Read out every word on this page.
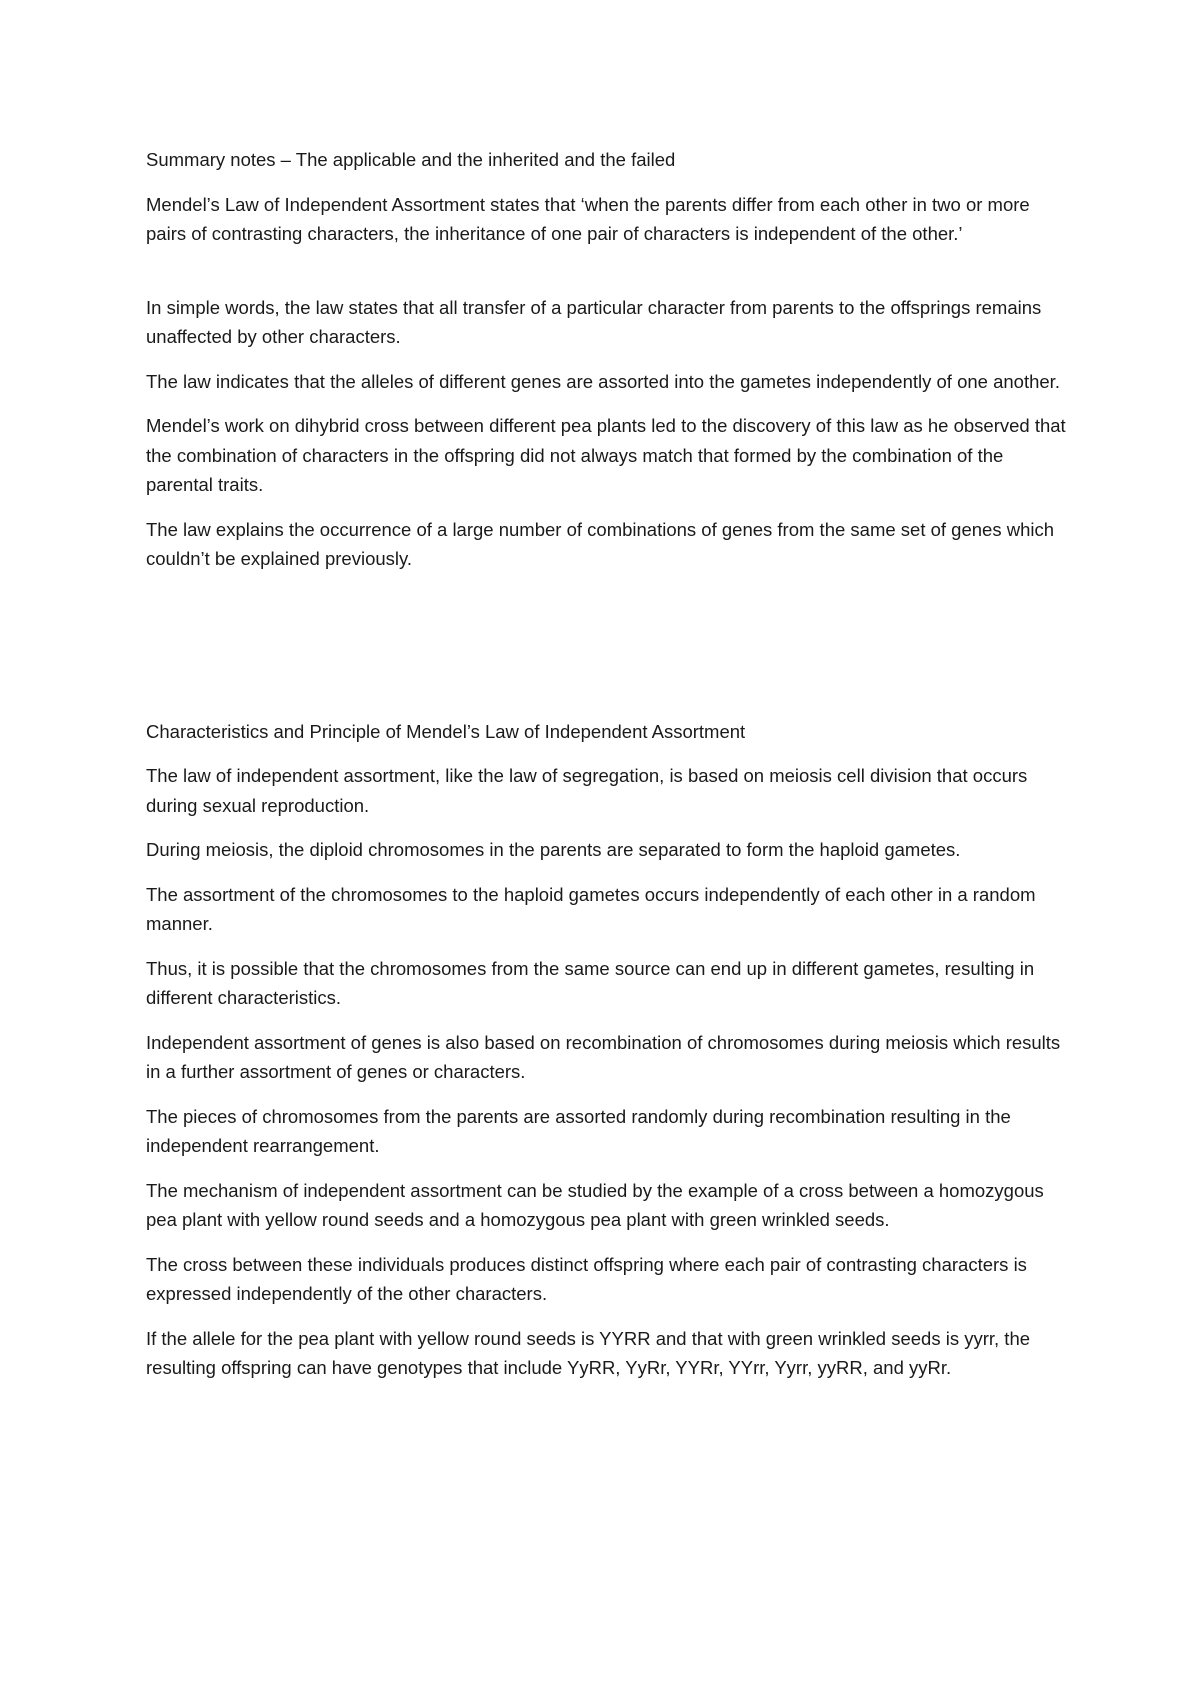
Summary notes – The applicable and the inherited and the failed

Mendel’s Law of Independent Assortment states that ‘when the parents differ from each other in two or more pairs of contrasting characters, the inheritance of one pair of characters is independent of the other.’

In simple words, the law states that all transfer of a particular character from parents to the offsprings remains unaffected by other characters.

The law indicates that the alleles of different genes are assorted into the gametes independently of one another.

Mendel’s work on dihybrid cross between different pea plants led to the discovery of this law as he observed that the combination of characters in the offspring did not always match that formed by the combination of the parental traits.

The law explains the occurrence of a large number of combinations of genes from the same set of genes which couldn’t be explained previously.

Characteristics and Principle of Mendel’s Law of Independent Assortment

The law of independent assortment, like the law of segregation, is based on meiosis cell division that occurs during sexual reproduction.

During meiosis, the diploid chromosomes in the parents are separated to form the haploid gametes.

The assortment of the chromosomes to the haploid gametes occurs independently of each other in a random manner.

Thus, it is possible that the chromosomes from the same source can end up in different gametes, resulting in different characteristics.

Independent assortment of genes is also based on recombination of chromosomes during meiosis which results in a further assortment of genes or characters.

The pieces of chromosomes from the parents are assorted randomly during recombination resulting in the independent rearrangement.

The mechanism of independent assortment can be studied by the example of a cross between a homozygous pea plant with yellow round seeds and a homozygous pea plant with green wrinkled seeds.

The cross between these individuals produces distinct offspring where each pair of contrasting characters is expressed independently of the other characters.

If the allele for the pea plant with yellow round seeds is YYRR and that with green wrinkled seeds is yyrr, the resulting offspring can have genotypes that include YyRR, YyRr, YYRr, YYrr, Yyrr, yyRR, and yyRr.
